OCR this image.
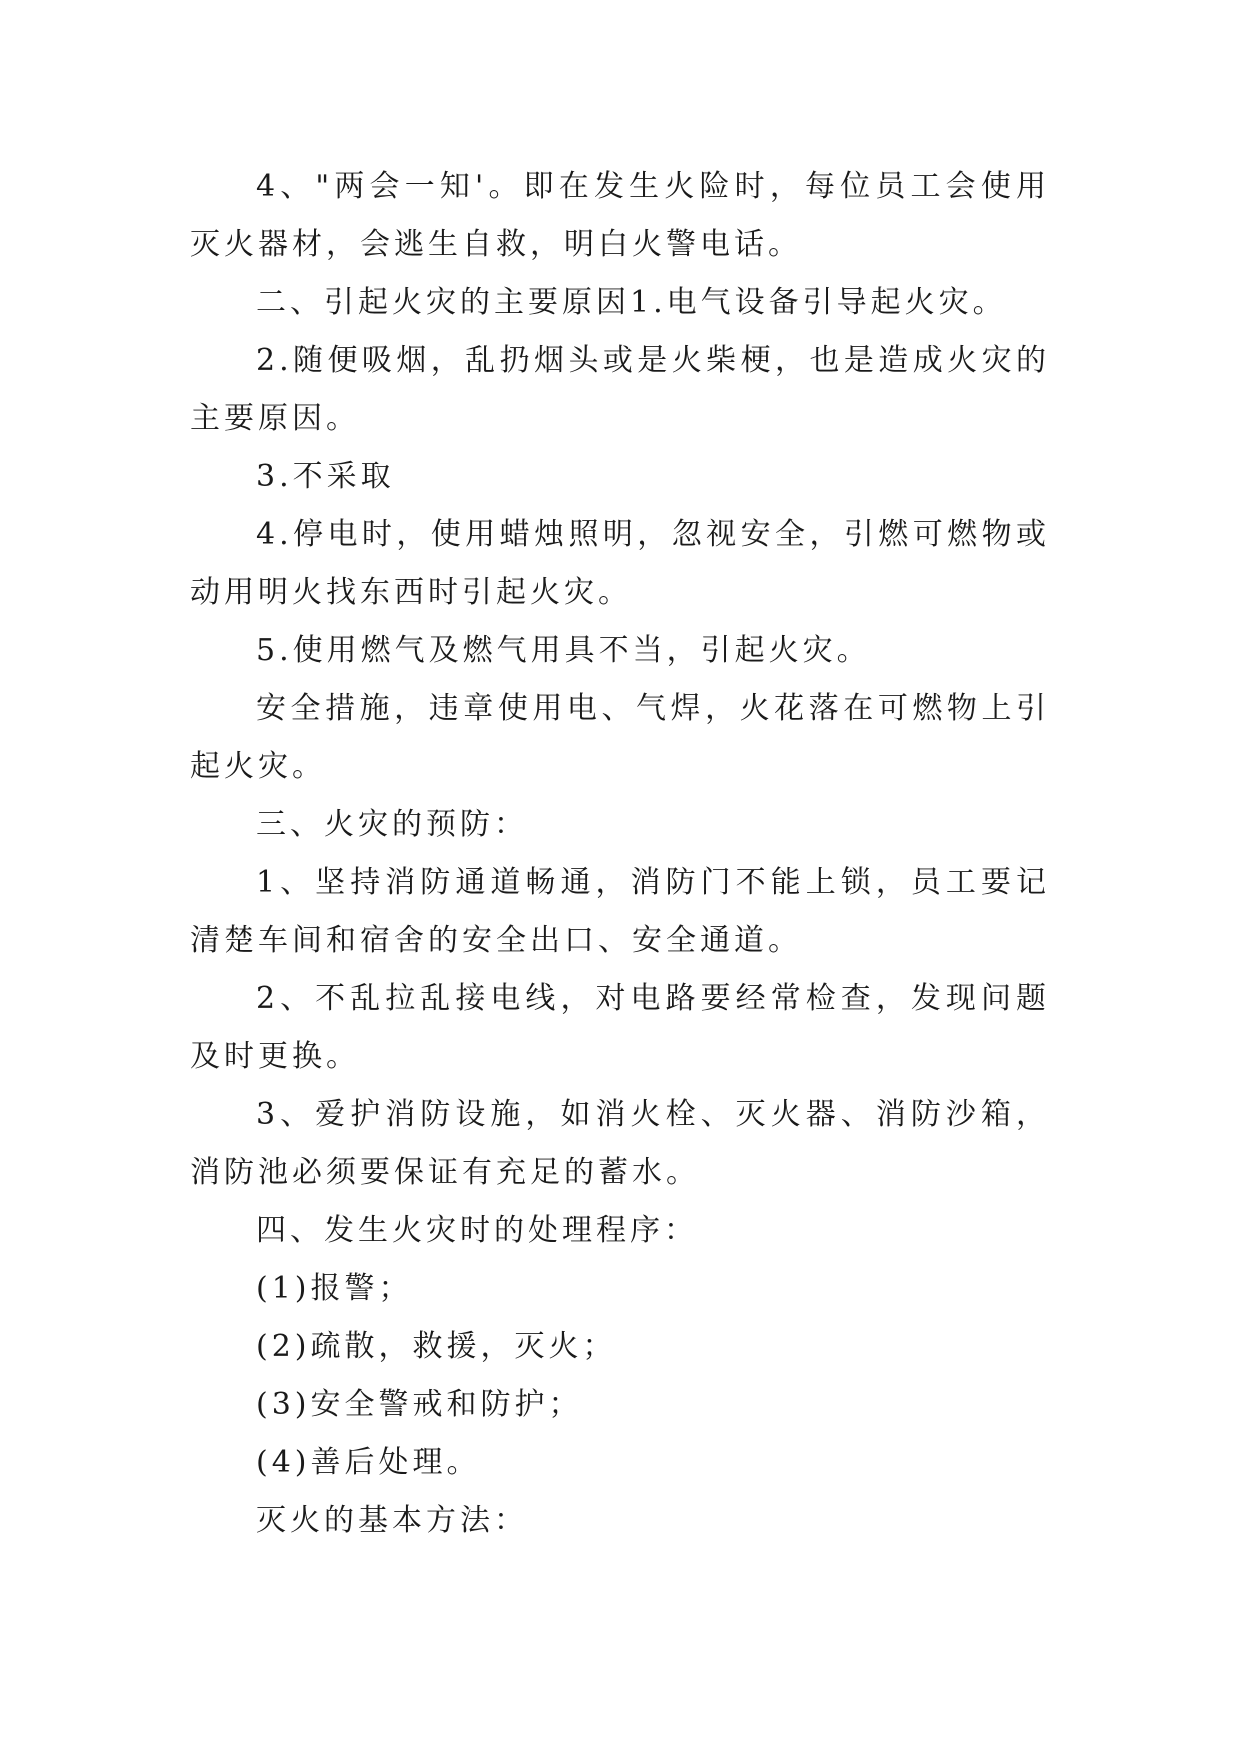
4、"两会一知'。即在发生火险时，每位员工会使用灭火器材，会逃生自救，明白火警电话。

二、引起火灾的主要原因1.电气设备引导起火灾。

2.随便吸烟，乱扔烟头或是火柴梗，也是造成火灾的主要原因。

3.不采取

4.停电时，使用蜡烛照明，忽视安全，引燃可燃物或动用明火找东西时引起火灾。

5.使用燃气及燃气用具不当，引起火灾。

安全措施，违章使用电、气焊，火花落在可燃物上引起火灾。

三、火灾的预防：

1、坚持消防通道畅通，消防门不能上锁，员工要记清楚车间和宿舍的安全出口、安全通道。

2、不乱拉乱接电线，对电路要经常检查，发现问题及时更换。

3、爱护消防设施，如消火栓、灭火器、消防沙箱，消防池必须要保证有充足的蓄水。

四、发生火灾时的处理程序：

(1)报警；

(2)疏散，救援，灭火；

(3)安全警戒和防护；

(4)善后处理。

灭火的基本方法：
